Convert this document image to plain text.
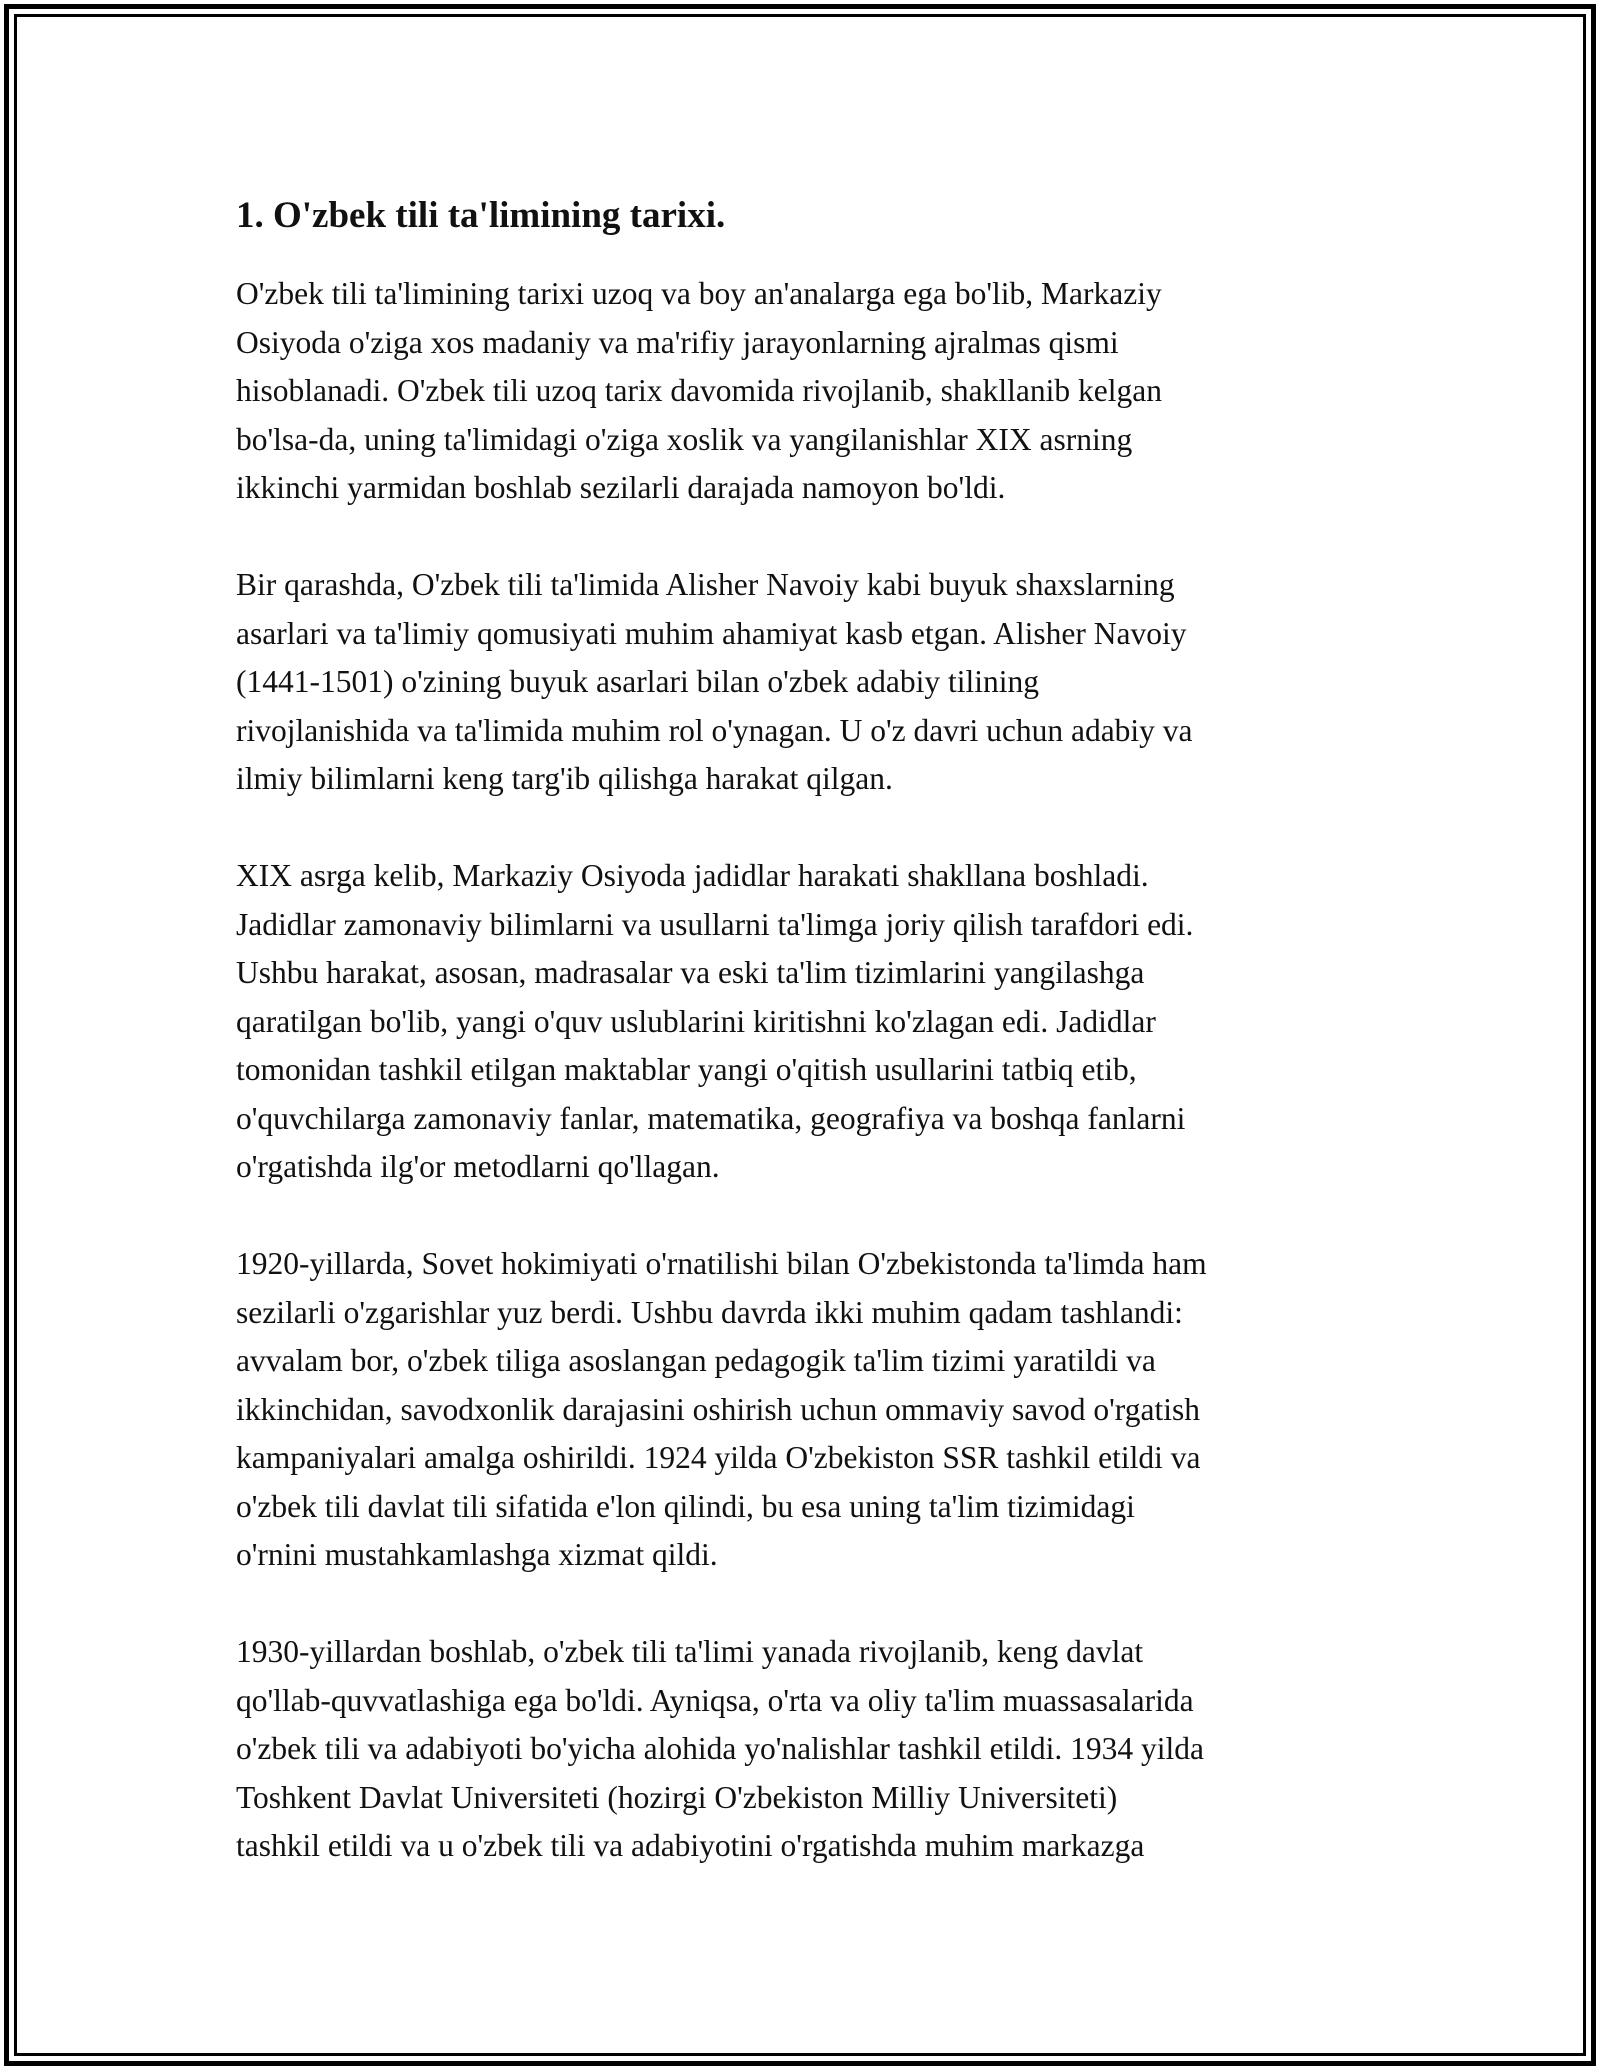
1. O'zbek tili ta'limining tarixi.

O'zbek tili ta'limining tarixi uzoq va boy an'analarga ega bo'lib, Markaziy
Osiyoda o'ziga xos madaniy va ma'rifiy jarayonlarning ajralmas qismi
hisoblanadi. O'zbek tili uzoq tarix davomida rivojlanib, shakllanib kelgan
bo'lsa-da, uning ta'limidagi o'ziga xoslik va yangilanishlar XIX asrning
ikkinchi yarmidan boshlab sezilarli darajada namoyon bo'ldi.

Bir qarashda, O'zbek tili ta'limida Alisher Navoiy kabi buyuk shaxslarning
asarlari va ta'limiy qomusiyati muhim ahamiyat kasb etgan. Alisher Navoiy
(1441-1501) o'zining buyuk asarlari bilan o'zbek adabiy tilining
rivojlanishida va ta'limida muhim rol o'ynagan. U o'z davri uchun adabiy va
ilmiy bilimlarni keng targ'ib qilishga harakat qilgan.

XIX asrga kelib, Markaziy Osiyoda jadidlar harakati shakllana boshladi.
Jadidlar zamonaviy bilimlarni va usullarni ta'limga joriy qilish tarafdori edi.
Ushbu harakat, asosan, madrasalar va eski ta'lim tizimlarini yangilashga
qaratilgan bo'lib, yangi o'quv uslublarini kiritishni ko'zlagan edi. Jadidlar
tomonidan tashkil etilgan maktablar yangi o'qitish usullarini tatbiq etib,
o'quvchilarga zamonaviy fanlar, matematika, geografiya va boshqa fanlarni
o'rgatishda ilg'or metodlarni qo'llagan.

1920-yillarda, Sovet hokimiyati o'rnatilishi bilan O'zbekistonda ta'limda ham
sezilarli o'zgarishlar yuz berdi. Ushbu davrda ikki muhim qadam tashlandi:
avvalam bor, o'zbek tiliga asoslangan pedagogik ta'lim tizimi yaratildi va
ikkinchidan, savodxonlik darajasini oshirish uchun ommaviy savod o'rgatish
kampaniyalari amalga oshirildi. 1924 yilda O'zbekiston SSR tashkil etildi va
o'zbek tili davlat tili sifatida e'lon qilindi, bu esa uning ta'lim tizimidagi
o'rnini mustahkamlashga xizmat qildi.

1930-yillardan boshlab, o'zbek tili ta'limi yanada rivojlanib, keng davlat
qo'llab-quvvatlashiga ega bo'ldi. Ayniqsa, o'rta va oliy ta'lim muassasalarida
o'zbek tili va adabiyoti bo'yicha alohida yo'nalishlar tashkil etildi. 1934 yilda
Toshkent Davlat Universiteti (hozirgi O'zbekiston Milliy Universiteti)
tashkil etildi va u o'zbek tili va adabiyotini o'rgatishda muhim markazga
